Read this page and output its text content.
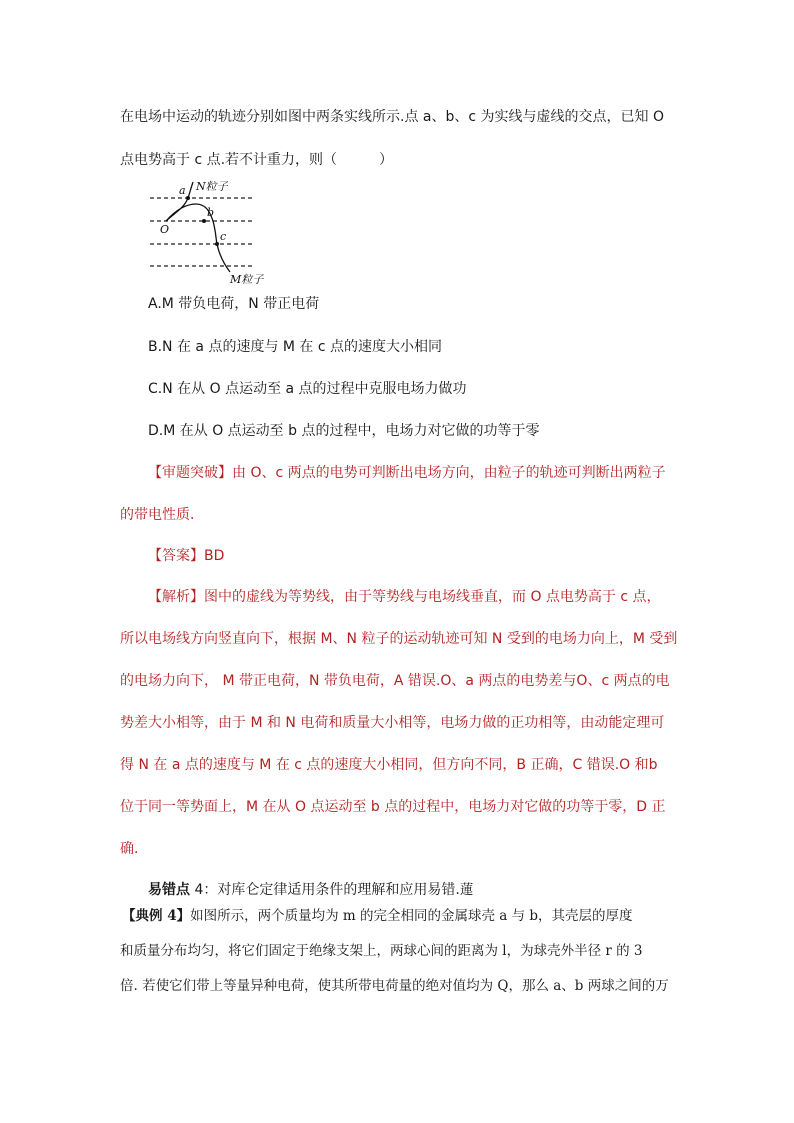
在电场中运动的轨迹分别如图中两条实线所示.点 a、b、c 为实线与虚线的交点，已知 O
点电势高于 c 点.若不计重力，则（　　　）
a
b
c
O
N粒子
M粒子
A.M 带负电荷，N 带正电荷
B.N 在 a 点的速度与 M 在 c 点的速度大小相同
C.N 在从 O 点运动至 a 点的过程中克服电场力做功
D.M 在从 O 点运动至 b 点的过程中，电场力对它做的功等于零
【审题突破】由 O、c 两点的电势可判断出电场方向，由粒子的轨迹可判断出两粒子
的带电性质.
【答案】BD
【解析】图中的虚线为等势线，由于等势线与电场线垂直，而 O 点电势高于 c 点，
所以电场线方向竖直向下，根据 M、N 粒子的运动轨迹可知 N 受到的电场力向上，M 受到
的电场力向下， M 带正电荷，N 带负电荷，A 错误.O、a 两点的电势差与O、c 两点的电
势差大小相等，由于 M 和 N 电荷和质量大小相等，电场力做的正功相等，由动能定理可
得 N 在 a 点的速度与 M 在 c 点的速度大小相同，但方向不同，B 正确，C 错误.O 和b
位于同一等势面上，M 在从 O 点运动至 b 点的过程中，电场力对它做的功等于零，D 正
确.
易错点 4：对库仑定律适用条件的理解和应用易错.蓮
【典例 4】如图所示，两个质量均为 m 的完全相同的金属球壳 a 与 b，其壳层的厚度
和质量分布均匀，将它们固定于绝缘支架上，两球心间的距离为 l，为球壳外半径 r 的 3
倍. 若使它们带上等量异种电荷，使其所带电荷量的绝对值均为 Q，那么 a、b 两球之间的万
